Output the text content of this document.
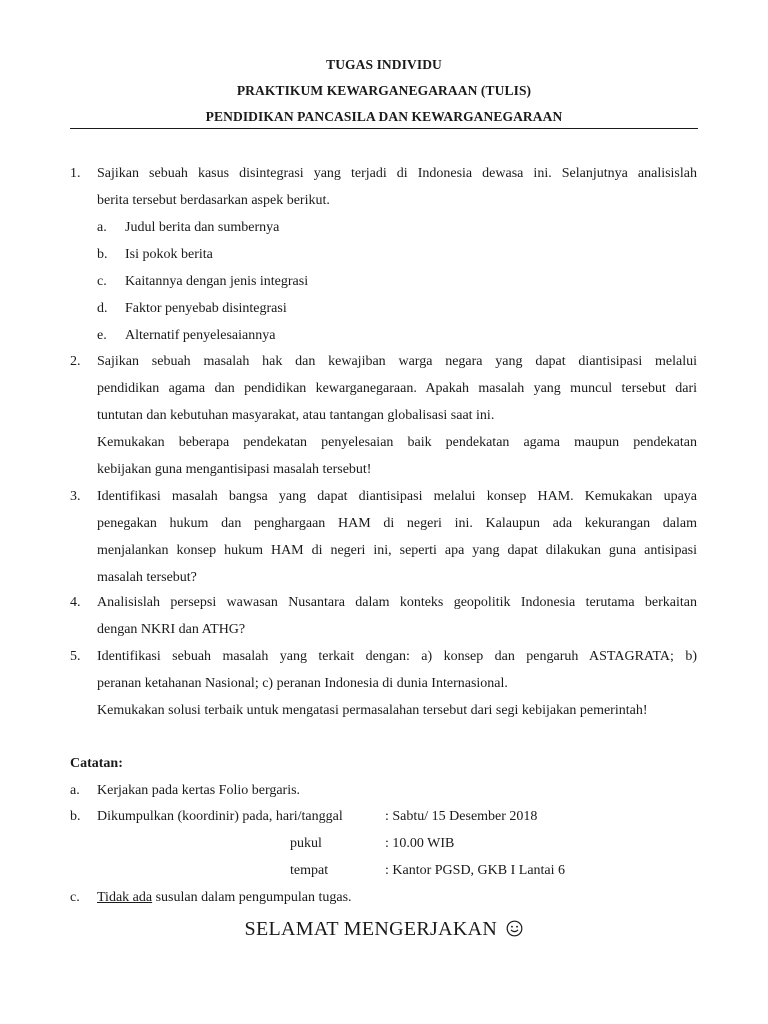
TUGAS INDIVIDU
PRAKTIKUM KEWARGANEGARAAN (TULIS)
PENDIDIKAN PANCASILA DAN KEWARGANEGARAAN
1. Sajikan sebuah kasus disintegrasi yang terjadi di Indonesia dewasa ini. Selanjutnya analisislah
berita tersebut berdasarkan aspek berikut.
a. Judul berita dan sumbernya
b. Isi pokok berita
c. Kaitannya dengan jenis integrasi
d. Faktor penyebab disintegrasi
e. Alternatif penyelesaiannya
2. Sajikan sebuah masalah hak dan kewajiban warga negara yang dapat diantisipasi melalui
pendidikan agama dan pendidikan kewarganegaraan. Apakah masalah yang muncul tersebut dari
tuntutan dan kebutuhan masyarakat, atau tantangan globalisasi saat ini.
Kemukakan beberapa pendekatan penyelesaian baik pendekatan agama maupun pendekatan
kebijakan guna mengantisipasi masalah tersebut!
3. Identifikasi masalah bangsa yang dapat diantisipasi melalui konsep HAM. Kemukakan upaya
penegakan hukum dan penghargaan HAM di negeri ini. Kalaupun ada kekurangan dalam
menjalankan konsep hukum HAM di negeri ini, seperti apa yang dapat dilakukan guna antisipasi
masalah tersebut?
4. Analisislah persepsi wawasan Nusantara dalam konteks geopolitik Indonesia terutama berkaitan
dengan NKRI dan ATHG?
5. Identifikasi sebuah masalah yang terkait dengan: a) konsep dan pengaruh ASTAGRATA; b)
peranan ketahanan Nasional; c) peranan Indonesia di dunia Internasional.
Kemukakan solusi terbaik untuk mengatasi permasalahan tersebut dari segi kebijakan pemerintah!
Catatan:
a. Kerjakan pada kertas Folio bergaris.
b. Dikumpulkan (koordinir) pada, hari/tanggal	: Sabtu/ 15 Desember 2018
pukul	: 10.00 WIB
tempat	: Kantor PGSD, GKB I Lantai 6
c. Tidak ada susulan dalam pengumpulan tugas.
SELAMAT MENGERJAKAN
